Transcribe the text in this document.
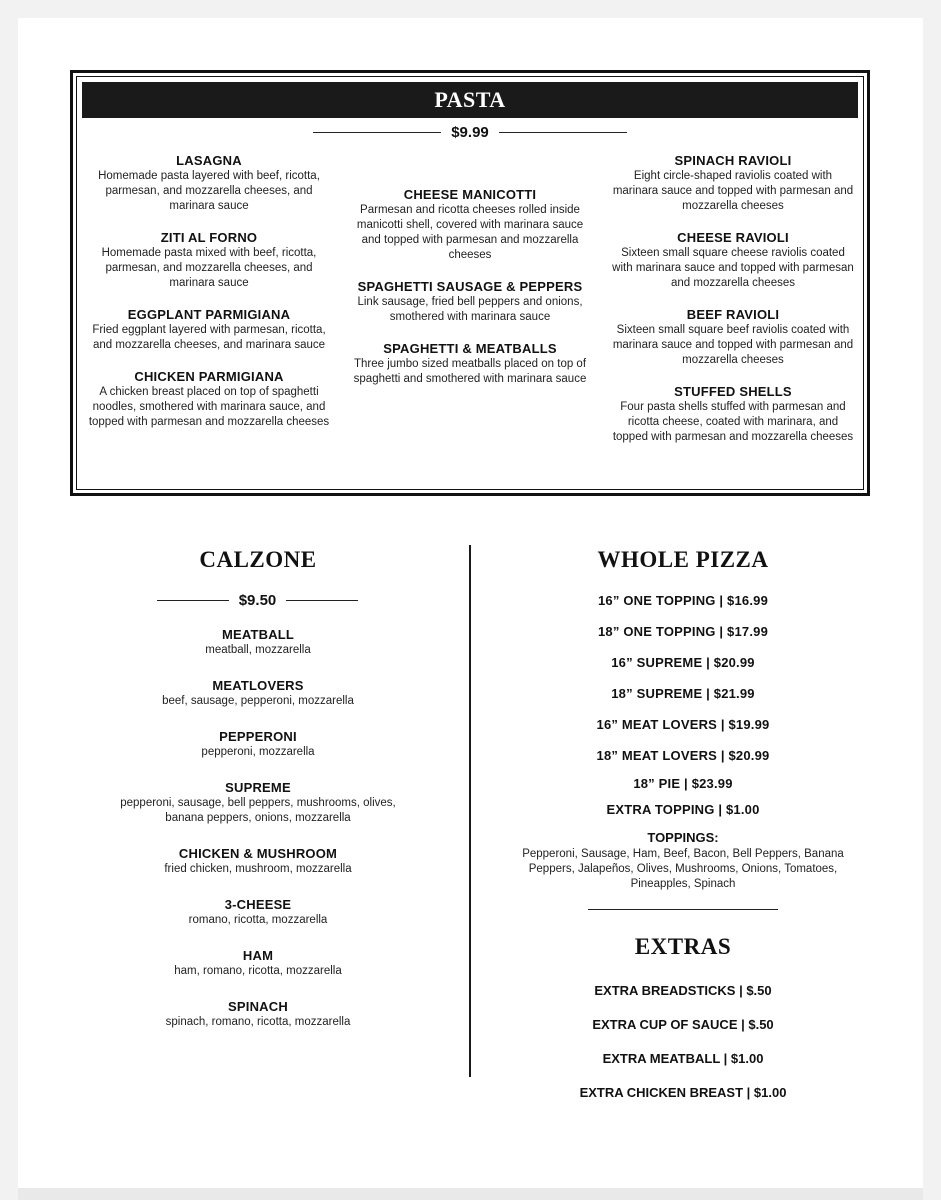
PASTA
$9.99
LASAGNA
Homemade pasta layered with beef, ricotta, parmesan, and mozzarella cheeses, and marinara sauce
ZITI AL FORNO
Homemade pasta mixed with beef, ricotta, parmesan, and mozzarella cheeses, and marinara sauce
EGGPLANT PARMIGIANA
Fried eggplant layered with parmesan, ricotta, and mozzarella cheeses, and marinara sauce
CHICKEN PARMIGIANA
A chicken breast placed on top of spaghetti noodles, smothered with marinara sauce, and topped with parmesan and mozzarella cheeses
CHEESE MANICOTTI
Parmesan and ricotta cheeses rolled inside manicotti shell, covered with marinara sauce and topped with parmesan and mozzarella cheeses
SPAGHETTI SAUSAGE & PEPPERS
Link sausage, fried bell peppers and onions, smothered with marinara sauce
SPAGHETTI & MEATBALLS
Three jumbo sized meatballs placed on top of spaghetti and smothered with marinara sauce
SPINACH RAVIOLI
Eight circle-shaped raviolis coated with marinara sauce and topped with parmesan and mozzarella cheeses
CHEESE RAVIOLI
Sixteen small square cheese raviolis coated with marinara sauce and topped with parmesan and mozzarella cheeses
BEEF RAVIOLI
Sixteen small square beef raviolis coated with marinara sauce and topped with parmesan and mozzarella cheeses
STUFFED SHELLS
Four pasta shells stuffed with parmesan and ricotta cheese, coated with marinara, and topped with parmesan and mozzarella cheeses
CALZONE
$9.50
MEATBALL
meatball, mozzarella
MEATLOVERS
beef, sausage, pepperoni, mozzarella
PEPPERONI
pepperoni, mozzarella
SUPREME
pepperoni, sausage, bell peppers, mushrooms, olives, banana peppers, onions, mozzarella
CHICKEN & MUSHROOM
fried chicken, mushroom, mozzarella
3-CHEESE
romano, ricotta, mozzarella
HAM
ham, romano, ricotta, mozzarella
SPINACH
spinach, romano, ricotta, mozzarella
WHOLE PIZZA
16” ONE TOPPING | $16.99
18” ONE TOPPING | $17.99
16” SUPREME | $20.99
18” SUPREME | $21.99
16” MEAT LOVERS | $19.99
18” MEAT LOVERS | $20.99
18” PIE | $23.99
EXTRA TOPPING | $1.00
TOPPINGS:
Pepperoni, Sausage, Ham, Beef, Bacon, Bell Peppers, Banana Peppers, Jalapeños, Olives, Mushrooms, Onions, Tomatoes, Pineapples, Spinach
EXTRAS
EXTRA BREADSTICKS | $.50
EXTRA CUP OF SAUCE | $.50
EXTRA MEATBALL | $1.00
EXTRA CHICKEN BREAST | $1.00
